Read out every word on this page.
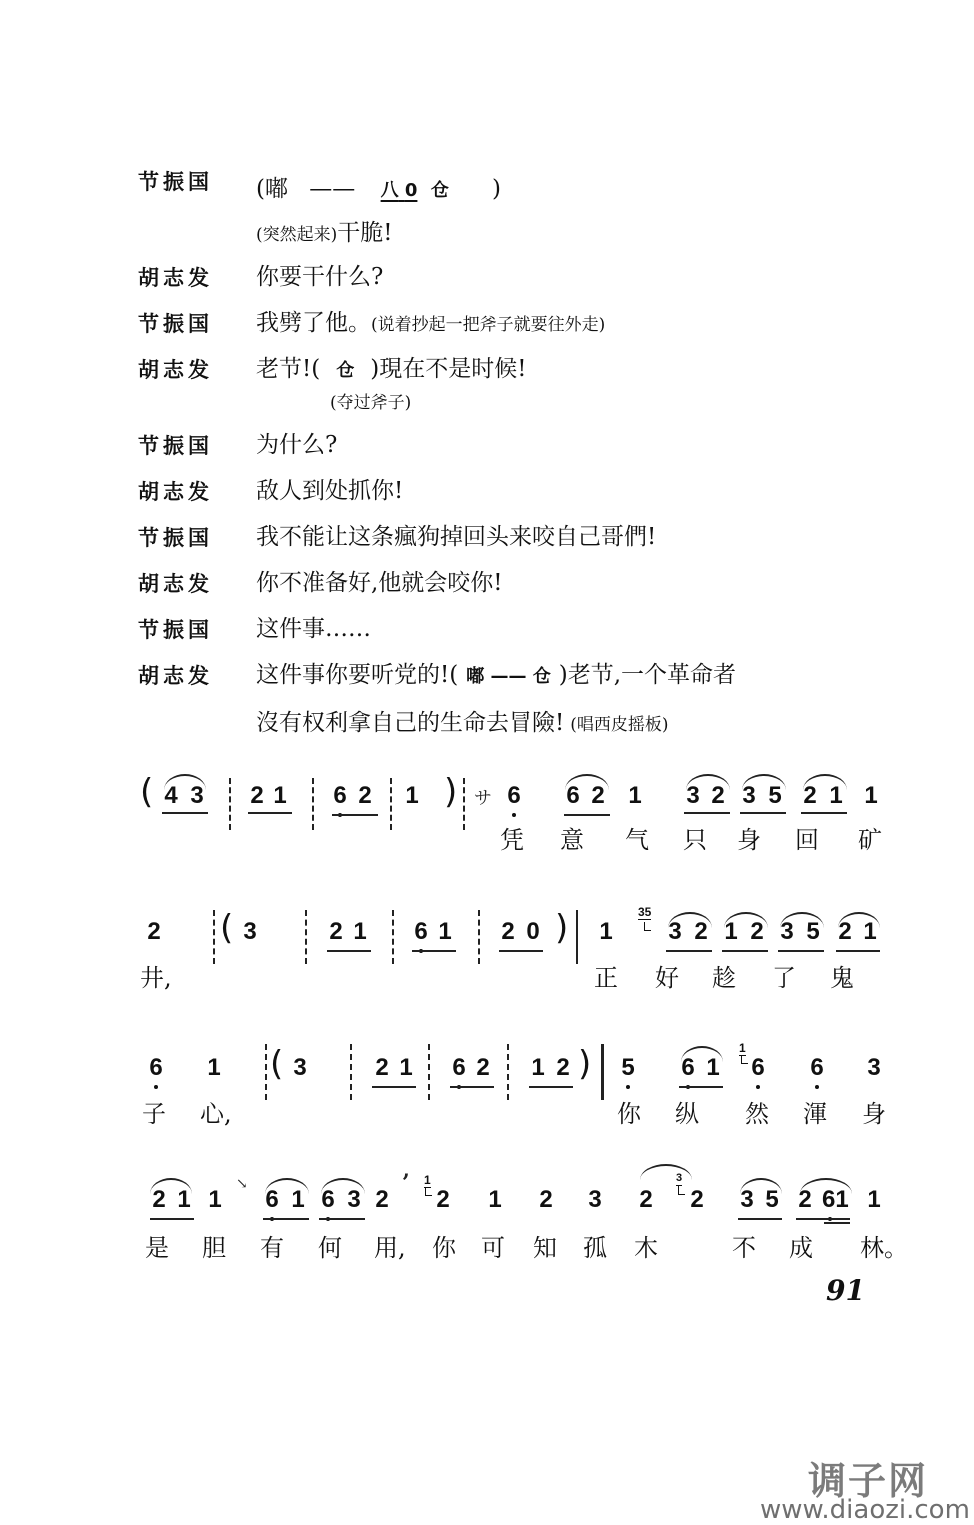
节振国 (嘟 —— 八 0 仓 )
(突然起来)干脆!
胡志发 你要干什么?
节振国 我劈了他。(说着抄起一把斧子就要往外走)
胡志发 老节!( 仓 )現在不是时候!
(夺过斧子)
节振国 为什么?
胡志发 敌人到处抓你!
节振国 我不能让这条瘋狗掉回头来咬自己哥們!
胡志发 你不准备好,他就会咬你!
节振国 这件事……
胡志发 这件事你要听党的!( 嘟 —— 仓 )老节,一个革命者
沒有权利拿自己的生命去冒險! (唱西皮摇板)
( 4 3 2 1 6 2 1 ) サ 6 6 2 1 3 2 3 5 2 1 1
凭 意 气 只 身 回 矿
2 ( 3	2 1 6 1 2 0 ) 1
35
3 2 1 2 3 5 2 1
井,	正 好 趁 了 鬼
6 1 ( 3	2 1 6 2 1 2 ) 5 6 1
1
6 6 3
子 心,	你 纵 然 渾 身
2 1 1
↘
6 1 6 3 2
’ 1
2 1 2 3 2
3
2 3 5 2 61 1
是 胆 有 何 用, 你 可 知 孤 木	不 成 林。
91
调子网
www.diaozi.com
